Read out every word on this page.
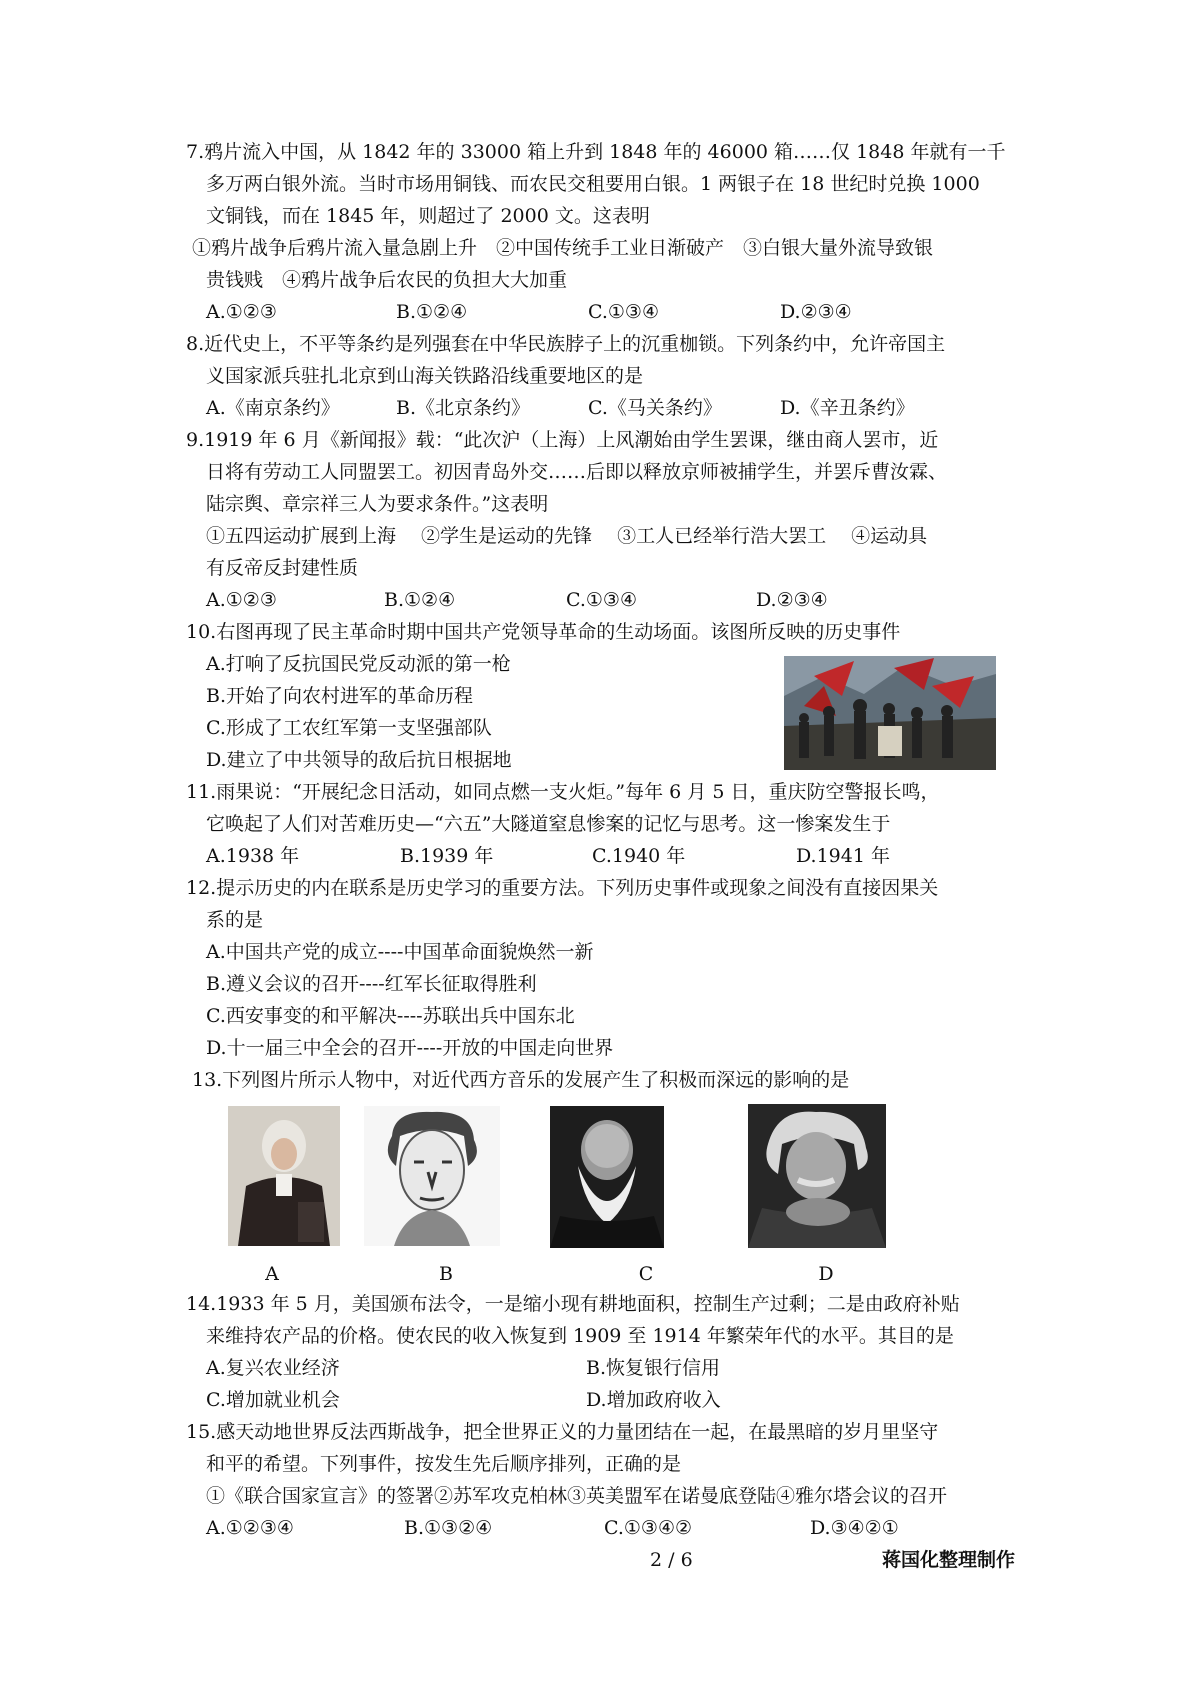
7.鸦片流入中国，从 1842 年的 33000 箱上升到 1848 年的 46000 箱……仅 1848 年就有一千
多万两白银外流。当时市场用铜钱、而农民交租要用白银。1 两银子在 18 世纪时兑换 1000
文铜钱，而在 1845 年，则超过了 2000 文。这表明
①鸦片战争后鸦片流入量急剧上升　②中国传统手工业日渐破产　③白银大量外流导致银
贵钱贱　④鸦片战争后农民的负担大大加重
A.①②③	B.①②④	C.①③④	D.②③④
8.近代史上，不平等条约是列强套在中华民族脖子上的沉重枷锁。下列条约中，允许帝国主
义国家派兵驻扎北京到山海关铁路沿线重要地区的是
A.《南京条约》	B.《北京条约》	C.《马关条约》	D.《辛丑条约》
9.1919 年 6 月《新闻报》载：“此次沪（上海）上风潮始由学生罢课，继由商人罢市，近
日将有劳动工人同盟罢工。初因青岛外交……后即以释放京师被捕学生，并罢斥曹汝霖、
陆宗舆、章宗祥三人为要求条件。”这表明
①五四运动扩展到上海　 ②学生是运动的先锋　 ③工人已经举行浩大罢工　 ④运动具
有反帝反封建性质
A.①②③	B.①②④	C.①③④	D.②③④
10.右图再现了民主革命时期中国共产党领导革命的生动场面。该图所反映的历史事件
A.打响了反抗国民党反动派的第一枪
B.开始了向农村进军的革命历程
C.形成了工农红军第一支坚强部队
D.建立了中共领导的敌后抗日根据地
11.雨果说：“开展纪念日活动，如同点燃一支火炬。”每年 6 月 5 日，重庆防空警报长鸣，
它唤起了人们对苦难历史—“六五”大隧道窒息惨案的记忆与思考。这一惨案发生于
A.1938 年	B.1939 年	C.1940 年	D.1941 年
12.提示历史的内在联系是历史学习的重要方法。下列历史事件或现象之间没有直接因果关
系的是
A.中国共产党的成立----中国革命面貌焕然一新
B.遵义会议的召开----红军长征取得胜利
C.西安事变的和平解决----苏联出兵中国东北
D.十一届三中全会的召开----开放的中国走向世界
13.下列图片所示人物中，对近代西方音乐的发展产生了积极而深远的影响的是
A	B	C	D
14.1933 年 5 月，美国颁布法令，一是缩小现有耕地面积，控制生产过剩；二是由政府补贴
来维持农产品的价格。使农民的收入恢复到 1909 至 1914 年繁荣年代的水平。其目的是
A.复兴农业经济	B.恢复银行信用
C.增加就业机会	D.增加政府收入
15.感天动地世界反法西斯战争，把全世界正义的力量团结在一起，在最黑暗的岁月里坚守
和平的希望。下列事件，按发生先后顺序排列，正确的是
①《联合国家宣言》的签署②苏军攻克柏林③英美盟军在诺曼底登陆④雅尔塔会议的召开
A.①②③④	B.①③②④	C.①③④②	D.③④②①
2 / 6	蒋国化整理制作
